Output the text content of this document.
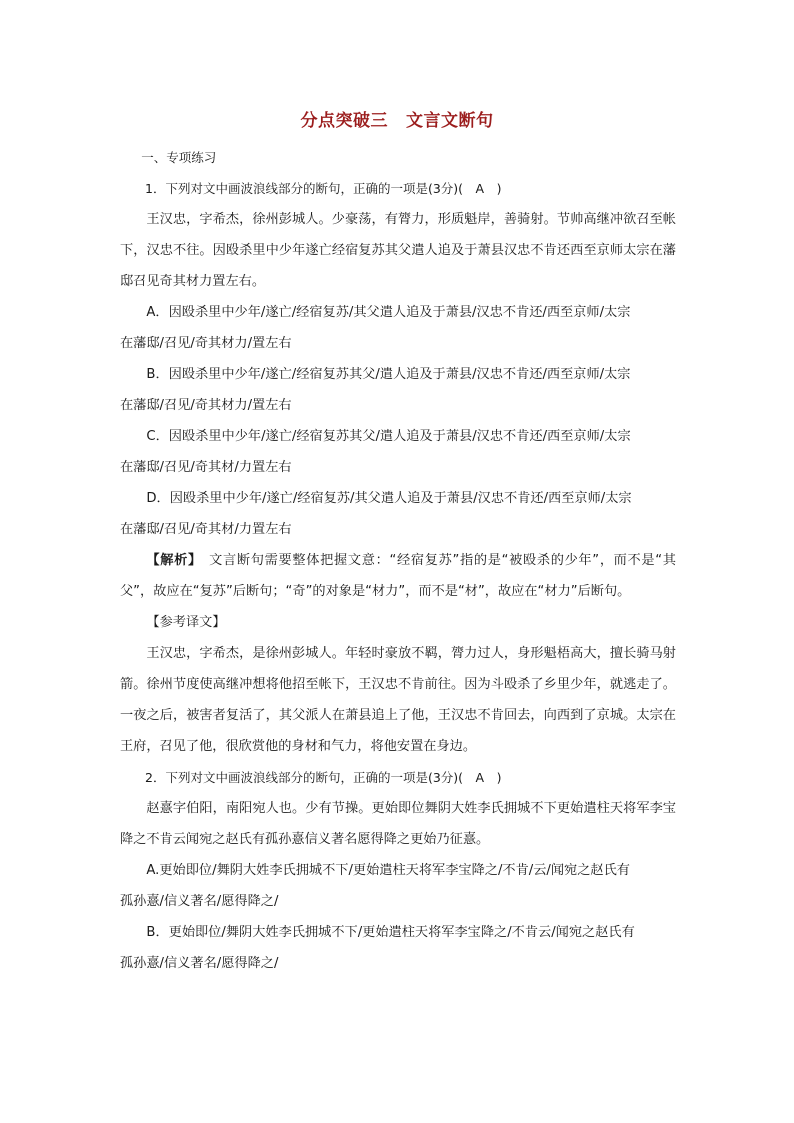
分点突破三 文言文断句

一、专项练习

1．下列对文中画波浪线部分的断句，正确的一项是(3分)(　A　)

王汉忠，字希杰，徐州彭城人。少豪荡，有膂力，形质魁岸，善骑射。节帅高继冲欲召至帐下，汉忠不往。因殴杀里中少年遂亡经宿复苏其父遣人追及于萧县汉忠不肯还西至京师太宗在藩邸召见奇其材力置左右。

A．因殴杀里中少年/遂亡/经宿复苏/其父遣人追及于萧县/汉忠不肯还/西至京师/太宗
在藩邸/召见/奇其材力/置左右

B．因殴杀里中少年/遂亡/经宿复苏其父/遣人追及于萧县/汉忠不肯还/西至京师/太宗
在藩邸/召见/奇其材力/置左右

C．因殴杀里中少年/遂亡/经宿复苏其父/遣人追及于萧县/汉忠不肯还/西至京师/太宗
在藩邸/召见/奇其材/力置左右

D．因殴杀里中少年/遂亡/经宿复苏/其父遣人追及于萧县/汉忠不肯还/西至京师/太宗
在藩邸/召见/奇其材/力置左右

【解析】　 文言断句需要整体把握文意：“经宿复苏”指的是“被殴杀的少年”，而不是“其父”，故应在“复苏”后断句；“奇”的对象是“材力”，而不是“材”，故应在“材力”后断句。

【参考译文】

王汉忠，字希杰，是徐州彭城人。年轻时豪放不羁，膂力过人，身形魁梧高大，擅长骑马射箭。徐州节度使高继冲想将他招至帐下，王汉忠不肯前往。因为斗殴杀了乡里少年，就逃走了。一夜之后，被害者复活了，其父派人在萧县追上了他，王汉忠不肯回去，向西到了京城。太宗在王府，召见了他，很欣赏他的身材和气力，将他安置在身边。

2．下列对文中画波浪线部分的断句，正确的一项是(3分)(　A　)

赵憙字伯阳，南阳宛人也。少有节操。更始即位舞阴大姓李氏拥城不下更始遣柱天将军李宝降之不肯云闻宛之赵氏有孤孙憙信义著名愿得降之更始乃征憙。

A.更始即位/舞阴大姓李氏拥城不下/更始遣柱天将军李宝降之/不肯/云/闻宛之赵氏有
孤孙憙/信义著名/愿得降之/

B．更始即位/舞阴大姓李氏拥城不下/更始遣柱天将军李宝降之/不肯云/闻宛之赵氏有
孤孙憙/信义著名/愿得降之/
